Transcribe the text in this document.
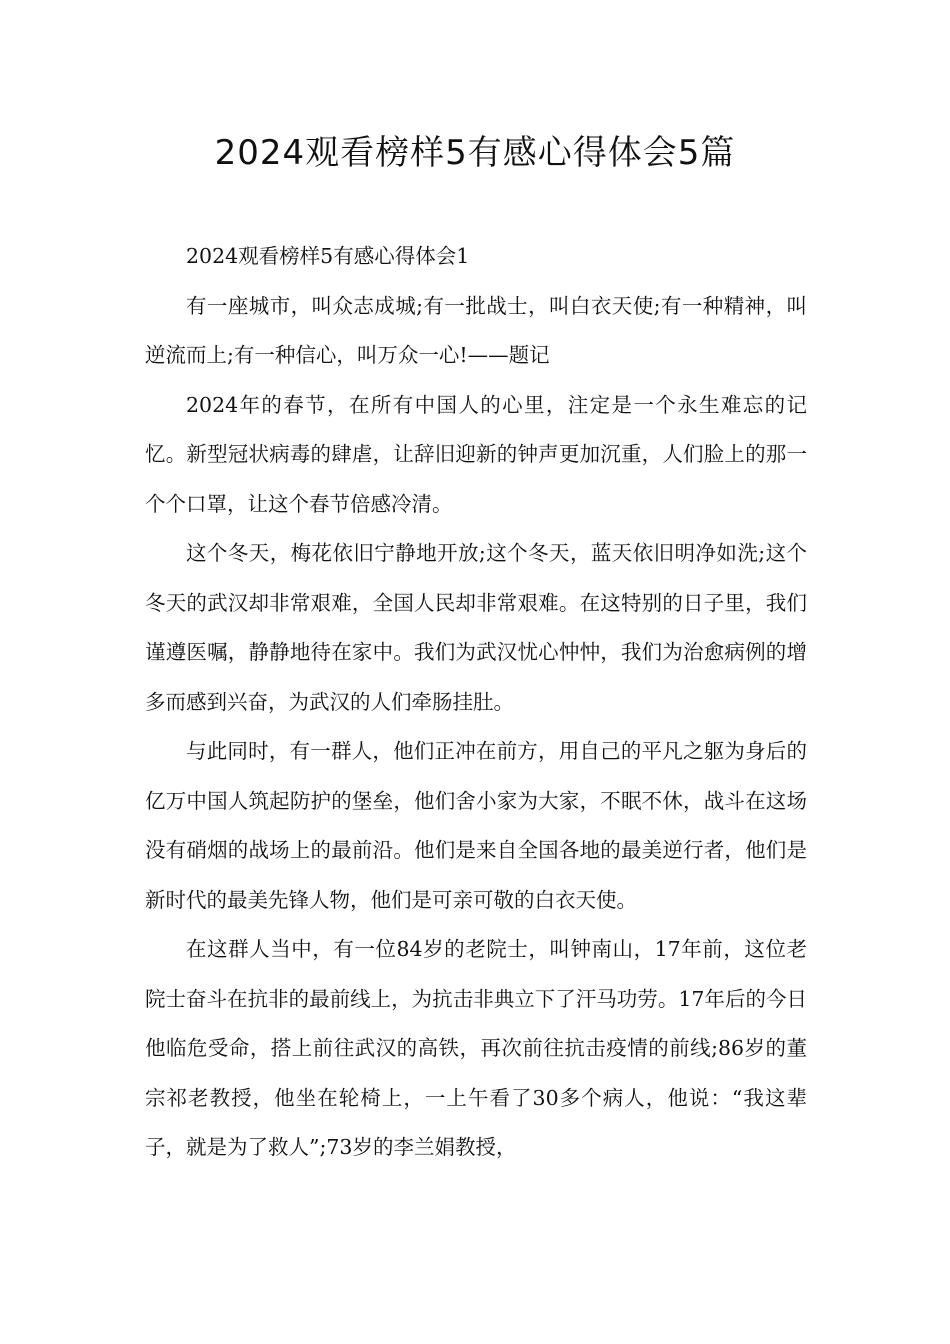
2024观看榜样5有感心得体会5篇

2024观看榜样5有感心得体会1

有一座城市，叫众志成城;有一批战士，叫白衣天使;有一种精神，叫逆流而上;有一种信心，叫万众一心!——题记

2024年的春节，在所有中国人的心里，注定是一个永生难忘的记忆。新型冠状病毒的肆虐，让辞旧迎新的钟声更加沉重，人们脸上的那一个个口罩，让这个春节倍感冷清。

这个冬天，梅花依旧宁静地开放;这个冬天，蓝天依旧明净如洗;这个冬天的武汉却非常艰难，全国人民却非常艰难。在这特别的日子里，我们谨遵医嘱，静静地待在家中。我们为武汉忧心忡忡，我们为治愈病例的增多而感到兴奋，为武汉的人们牵肠挂肚。

与此同时，有一群人，他们正冲在前方，用自己的平凡之躯为身后的亿万中国人筑起防护的堡垒，他们舍小家为大家，不眠不休，战斗在这场没有硝烟的战场上的最前沿。他们是来自全国各地的最美逆行者，他们是新时代的最美先锋人物，他们是可亲可敬的白衣天使。

在这群人当中，有一位84岁的老院士，叫钟南山，17年前，这位老院士奋斗在抗非的最前线上，为抗击非典立下了汗马功劳。17年后的今日他临危受命，搭上前往武汉的高铁，再次前往抗击疫情的前线;86岁的董宗祁老教授，他坐在轮椅上，一上午看了30多个病人，他说：“我这辈子，就是为了救人”;73岁的李兰娟教授，
